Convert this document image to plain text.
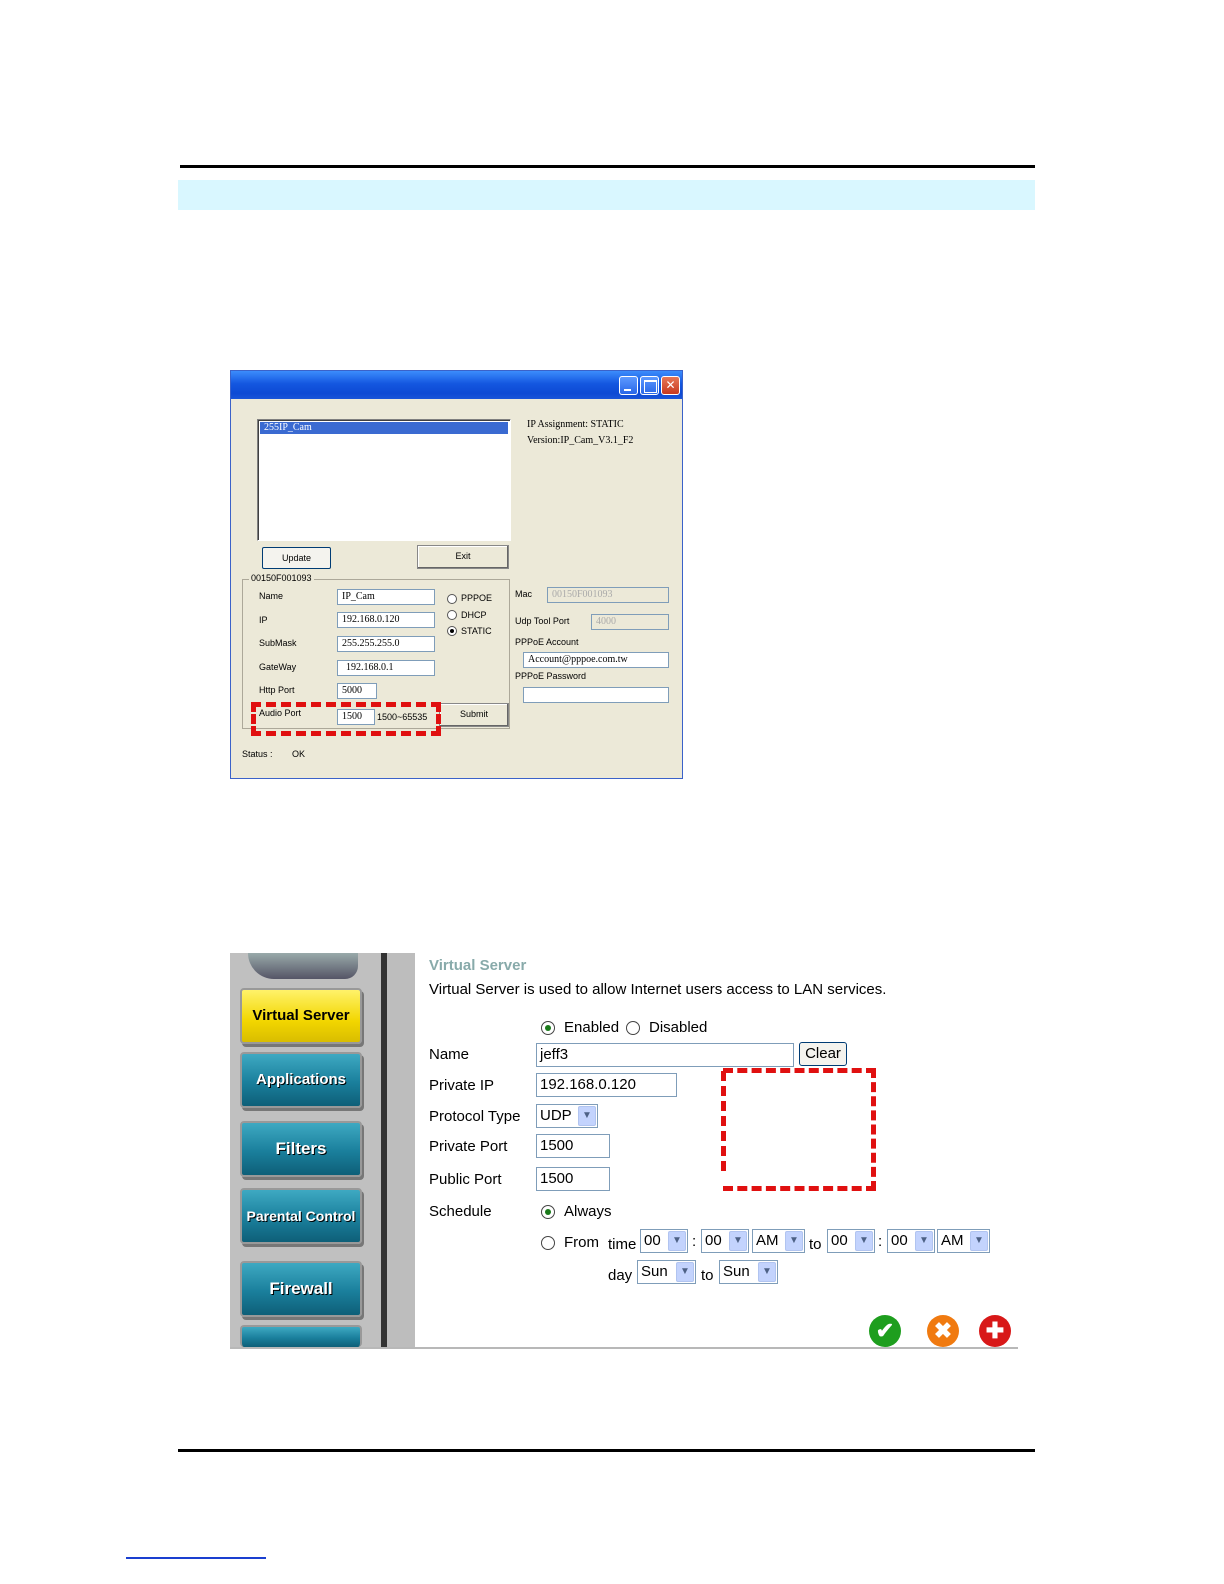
✕
255IP_Cam	IP Assignment: STATIC
Version:IP_Cam_V3.1_F2
Update	Exit
00150F001093
Name	IP_Cam
IP	192.168.0.120
SubMask	255.255.255.0
GateWay	192.168.0.1
Http Port	5000
Audio Port	1500	1500~65535
PPPOE
DHCP
STATIC
Submit
Mac	00150F001093
Udp Tool Port	4000
PPPoE Account
Account@pppoe.com.tw
PPPoE Password
Status : OK
Virtual Server
Applications
Filters
Parental Control
Firewall
Virtual Server
Virtual Server is used to allow Internet users access to LAN services.
Enabled Disabled
Name	jeff3	Clear
Private IP	192.168.0.120
Protocol Type UDP	▼
Private Port 1500
Public Port	1500
Schedule	Always
From time 00	▼ : 00	▼ AM	▼ to 00	▼ : 00	▼ AM	▼
day Sun	▼ to Sun	▼
✔	✖	✚
